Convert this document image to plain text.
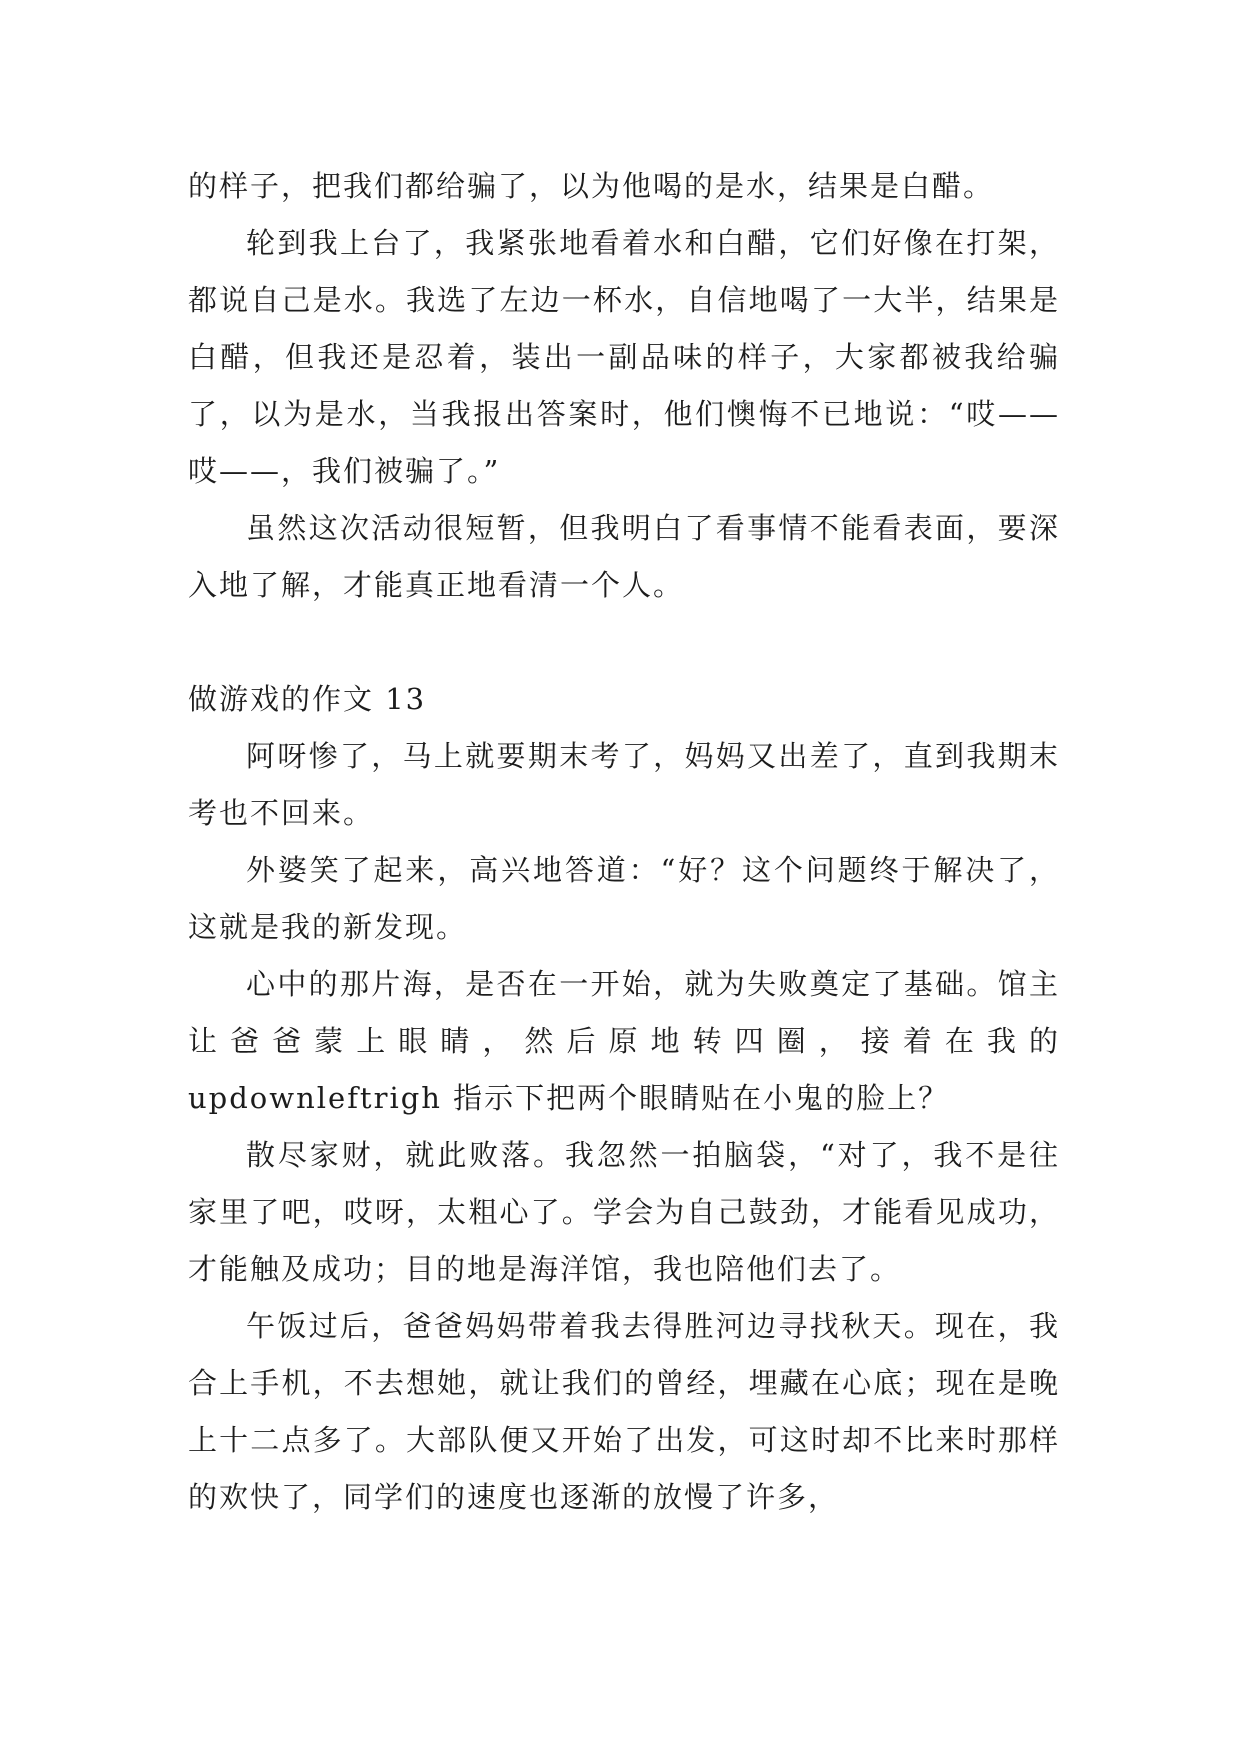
的样子，把我们都给骗了，以为他喝的是水，结果是白醋。

轮到我上台了，我紧张地看着水和白醋，它们好像在打架，都说自己是水。我选了左边一杯水，自信地喝了一大半，结果是白醋，但我还是忍着，装出一副品味的样子，大家都被我给骗了，以为是水，当我报出答案时，他们懊悔不已地说：“哎——哎——，我们被骗了。”

虽然这次活动很短暂，但我明白了看事情不能看表面，要深入地了解，才能真正地看清一个人。

做游戏的作文 13

阿呀惨了，马上就要期末考了，妈妈又出差了，直到我期末考也不回来。

外婆笑了起来，高兴地答道：“好？这个问题终于解决了，这就是我的新发现。

心中的那片海，是否在一开始，就为失败奠定了基础。馆主让爸爸蒙上眼睛，然后原地转四圈，接着在我的 updownleftrigh 指示下把两个眼睛贴在小鬼的脸上？

散尽家财，就此败落。我忽然一拍脑袋，“对了，我不是往家里了吧，哎呀，太粗心了。学会为自己鼓劲，才能看见成功，才能触及成功；目的地是海洋馆，我也陪他们去了。

午饭过后，爸爸妈妈带着我去得胜河边寻找秋天。现在，我合上手机，不去想她，就让我们的曾经，埋藏在心底；现在是晚上十二点多了。大部队便又开始了出发，可这时却不比来时那样的欢快了，同学们的速度也逐渐的放慢了许多，
